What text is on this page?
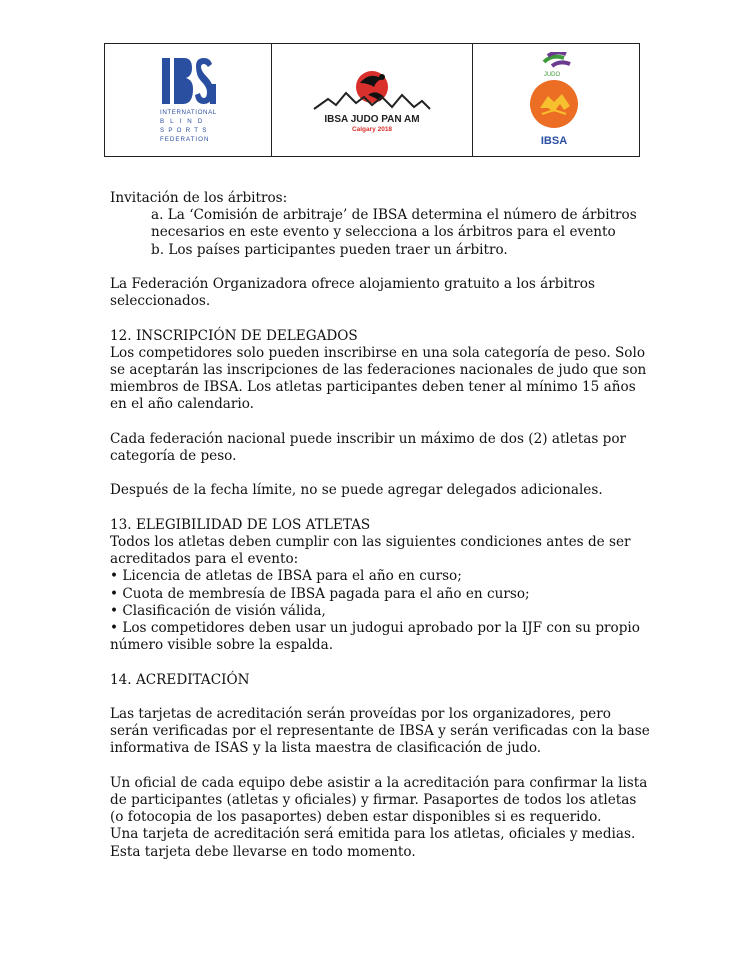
INTERNATIONAL
BLIND
SPORTS
FEDERATION
IBSA JUDO PAN AM
Calgary 2018
JUDO
IBSA

Invitación de los árbitros:

a. La ‘Comisión de arbitraje’ de IBSA determina el número de árbitros necesarios en este evento y selecciona a los árbitros para el evento

b. Los países participantes pueden traer un árbitro.

La Federación Organizadora ofrece alojamiento gratuito a los árbitros seleccionados.

12. INSCRIPCIÓN DE DELEGADOS

Los competidores solo pueden inscribirse en una sola categoría de peso. Solo se aceptarán las inscripciones de las federaciones nacionales de judo que son miembros de IBSA. Los atletas participantes deben tener al mínimo 15 años en el año calendario.

Cada federación nacional puede inscribir un máximo de dos (2) atletas por categoría de peso.

Después de la fecha límite, no se puede agregar delegados adicionales.

13. ELEGIBILIDAD DE LOS ATLETAS

Todos los atletas deben cumplir con las siguientes condiciones antes de ser acreditados para el evento:

• Licencia de atletas de IBSA para el año en curso;

• Cuota de membresía de IBSA pagada para el año en curso;

• Clasificación de visión válida,

• Los competidores deben usar un judogui aprobado por la IJF con su propio número visible sobre la espalda.

14. ACREDITACIÓN

Las tarjetas de acreditación serán proveídas por los organizadores, pero serán verificadas por el representante de IBSA y serán verificadas con la base informativa de ISAS y la lista maestra de clasificación de judo.

Un oficial de cada equipo debe asistir a la acreditación para confirmar la lista de participantes (atletas y oficiales) y firmar. Pasaportes de todos los atletas (o fotocopia de los pasaportes) deben estar disponibles si es requerido.

Una tarjeta de acreditación será emitida para los atletas, oficiales y medias. Esta tarjeta debe llevarse en todo momento.
